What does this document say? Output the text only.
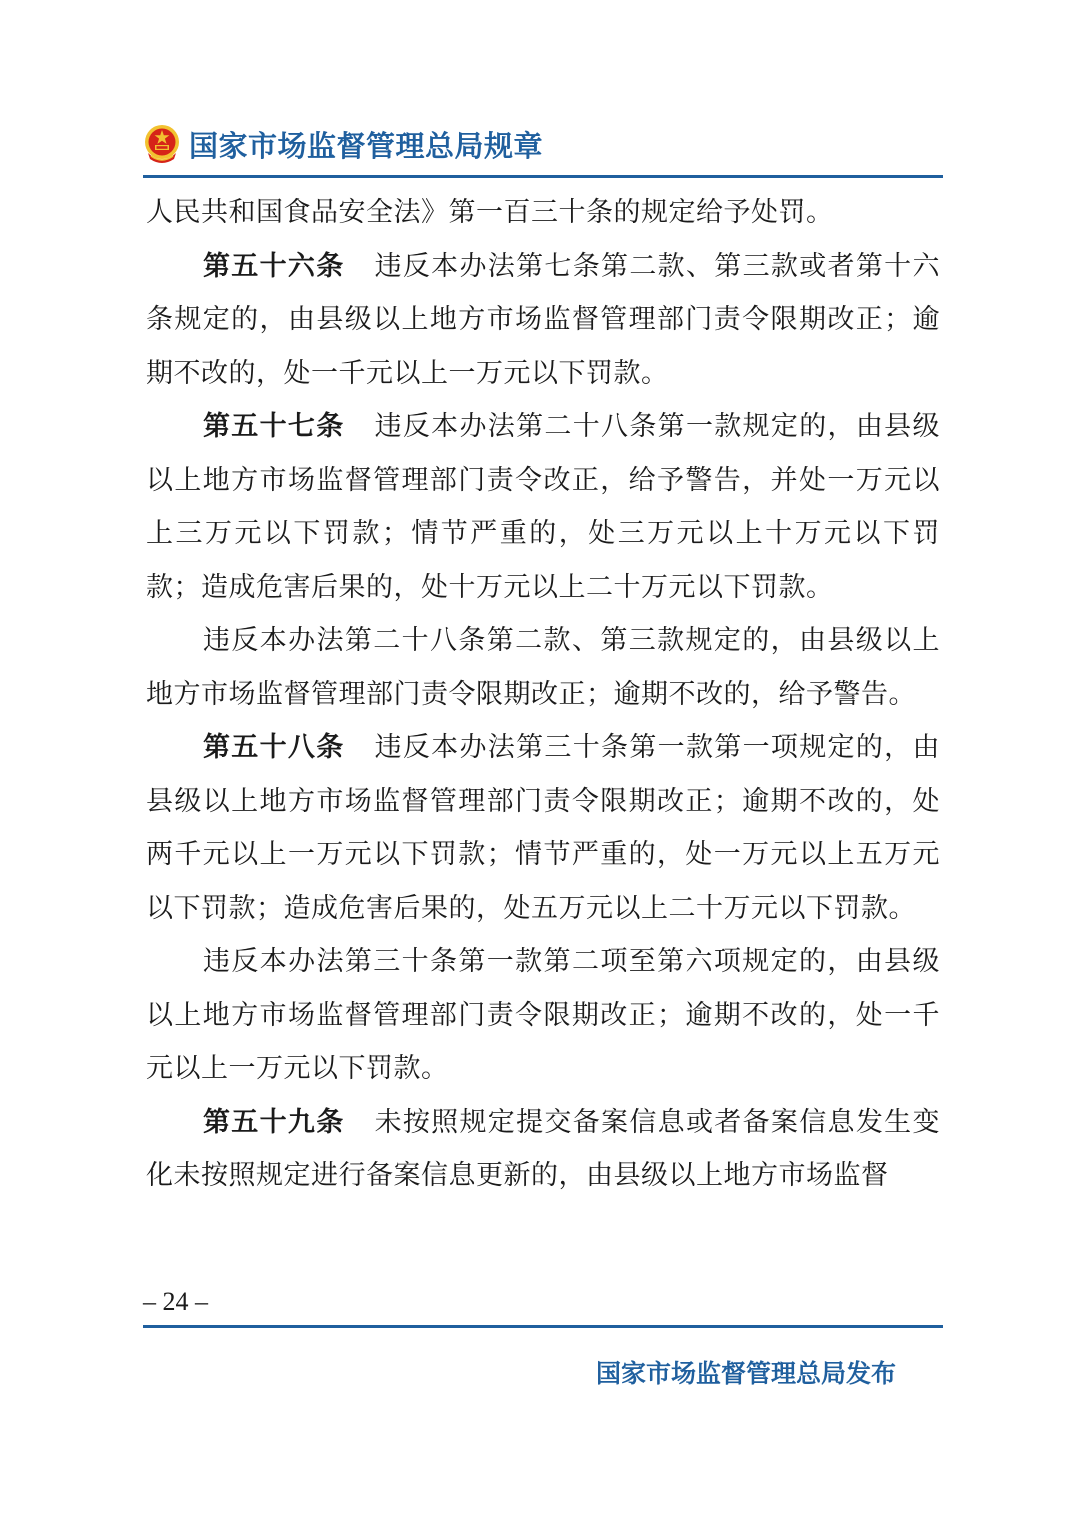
国家市场监督管理总局规章

人民共和国食品安全法》第一百三十条的规定给予处罚。

第五十六条 违反本办法第七条第二款、第三款或者第十六条规定的，由县级以上地方市场监督管理部门责令限期改正；逾期不改的，处一千元以上一万元以下罚款。

第五十七条 违反本办法第二十八条第一款规定的，由县级以上地方市场监督管理部门责令改正，给予警告，并处一万元以上三万元以下罚款；情节严重的，处三万元以上十万元以下罚款；造成危害后果的，处十万元以上二十万元以下罚款。

违反本办法第二十八条第二款、第三款规定的，由县级以上地方市场监督管理部门责令限期改正；逾期不改的，给予警告。

第五十八条 违反本办法第三十条第一款第一项规定的，由县级以上地方市场监督管理部门责令限期改正；逾期不改的，处两千元以上一万元以下罚款；情节严重的，处一万元以上五万元以下罚款；造成危害后果的，处五万元以上二十万元以下罚款。

违反本办法第三十条第一款第二项至第六项规定的，由县级以上地方市场监督管理部门责令限期改正；逾期不改的，处一千元以上一万元以下罚款。

第五十九条 未按照规定提交备案信息或者备案信息发生变化未按照规定进行备案信息更新的，由县级以上地方市场监督

– 24 –
国家市场监督管理总局发布
